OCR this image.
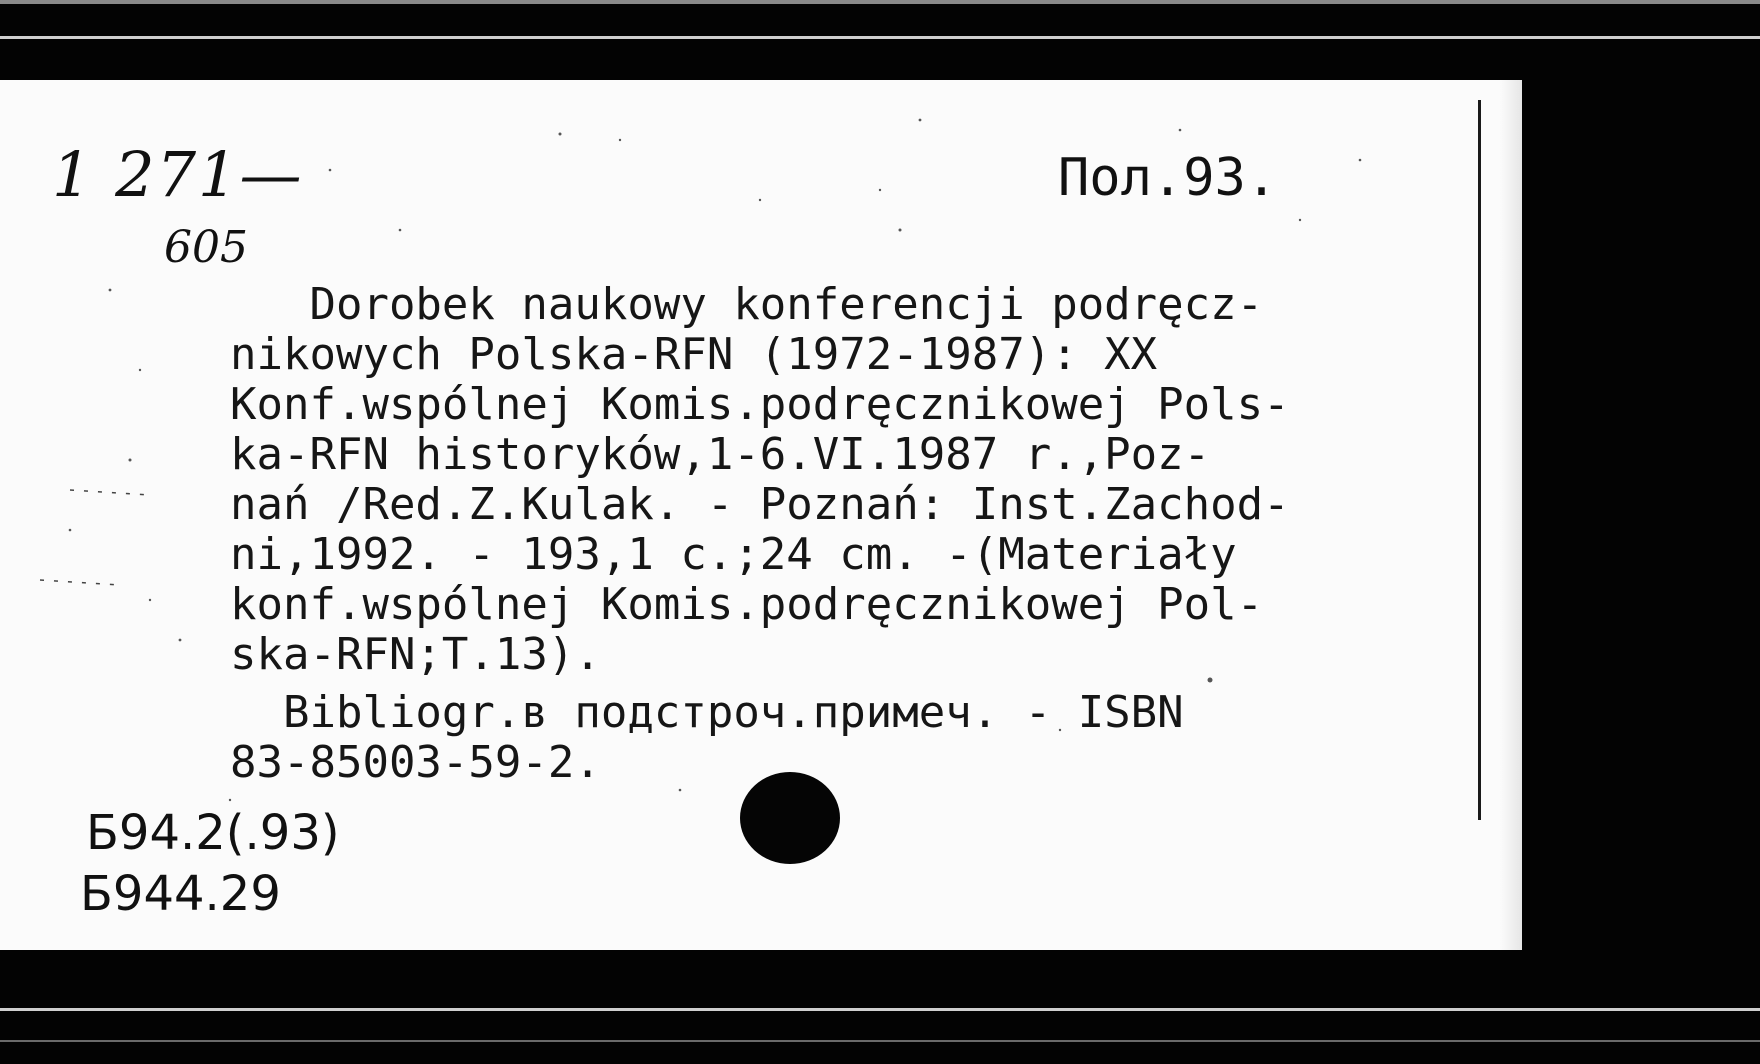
1 271—
605
Пол.93.
Dorobek naukowy konferencji podręcz-
nikowych Polska-RFN (1972-1987): XX
Konf.wspólnej Komis.podręcznikowej Pols-
ka-RFN historyków,1-6.VI.1987 r.,Poz-
nań /Red.Z.Kulak. - Poznań: Inst.Zachod-
ni,1992. - 193,1 c.;24 cm. -(Materiały
konf.wspólnej Komis.podręcznikowej Pol-
ska-RFN;T.13).
Bibliogr.в подстроч.примеч. - ISBN
83-85003-59-2.
Б94.2(.93)
Б944.29
